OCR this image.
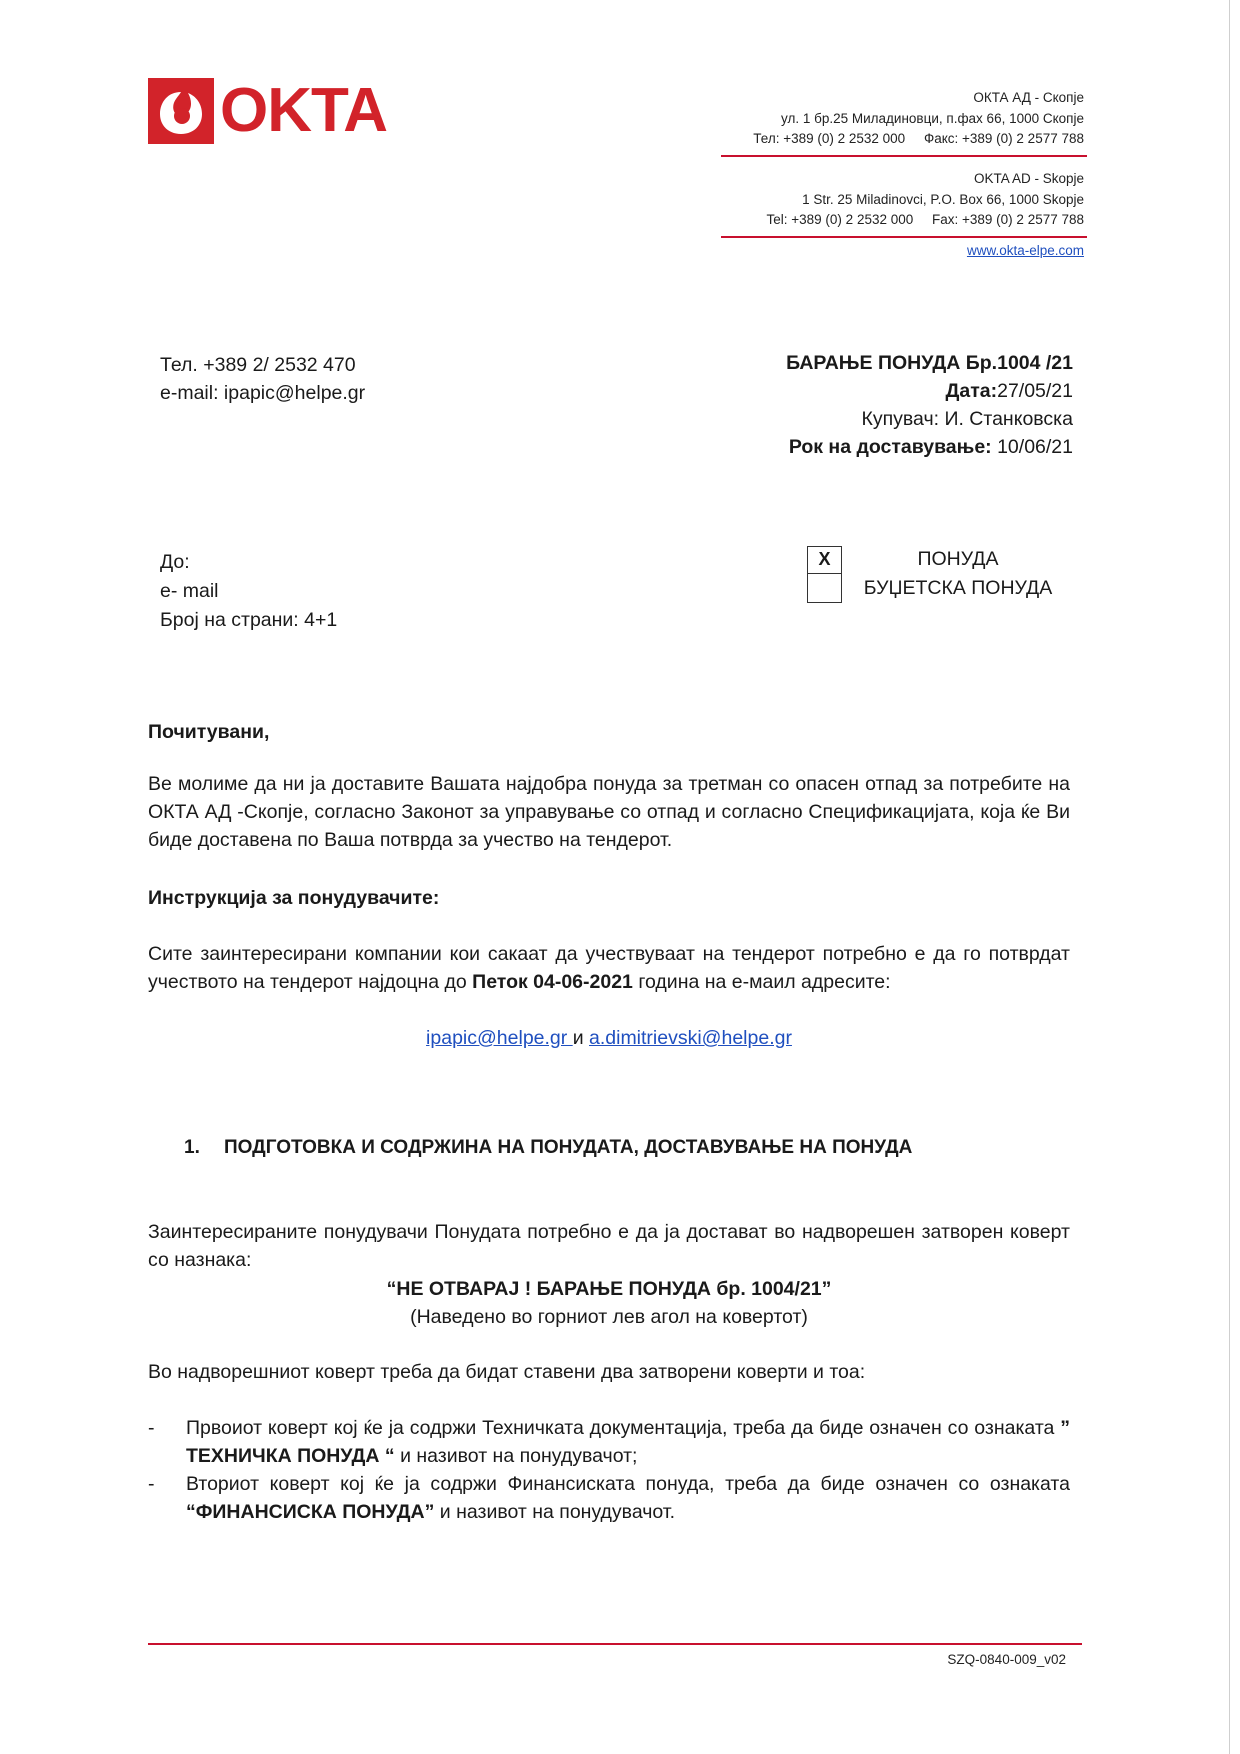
OKTA	ОКТА АД - Скопје
ул. 1 бр.25 Миладиновци, п.фах 66, 1000 Скопје
Тел: +389 (0) 2 2532 000 Факс: +389 (0) 2 2577 788
OKTA AD - Skopje
1 Str. 25 Miladinovci, P.O. Box 66, 1000 Skopje
Tel: +389 (0) 2 2532 000 Fax: +389 (0) 2 2577 788
www.okta-elpe.com
Тел. +389 2/ 2532 470
e-mail: ipapic@helpe.gr
БАРАЊЕ ПОНУДА Бр.1004 /21
Дата:27/05/21
Купувач: И. Станковска
Рок на доставување: 10/06/21
До:
e- mail
Број на страни: 4+1
X	ПОНУДА
БУЏЕТСКА ПОНУДА
Почитувани,
Ве молиме да ни ја доставите Вашата најдобра понуда за третман со опасен отпад за потребите на ОКТА АД -Скопје, согласно Законот за управување со отпад и согласно Спецификацијата, која ќе Ви биде доставена по Ваша потврда за учество на тендерот.
Инструкција за понудувачите:
Сите заинтересирани компании кои сакаат да учествуваат на тендерот потребно е да го потврдат учеството на тендерот најдоцна до Петок 04-06-2021 година на е-маил адресите:
ipapic@helpe.gr и a.dimitrievski@helpe.gr
1. ПОДГОТОВКА И СОДРЖИНА НА ПОНУДАТА, ДОСТАВУВАЊЕ НА ПОНУДА
Заинтересираните понудувачи Понудата потребно е да ја достават во надворешен затворен коверт со назнака:
“НЕ ОТВАРАЈ ! БАРАЊЕ ПОНУДА бр. 1004/21”
(Наведено во горниот лев агол на ковертот)
Во надворешниот коверт треба да бидат ставени два затворени коверти и тоа:
- Прво​иот коверт кој ќе ја содржи Техничката документација, треба да биде означен со ознаката ” ТЕХНИЧКА ПОНУДА “ и називот на понудувачот;
- Вториот коверт кој ќе ја содржи Финансиската понуда, треба да биде означен со ознаката “ФИНАНСИСКА ПОНУДА” и називот на понудувачот.
SZQ-0840-009_v02
